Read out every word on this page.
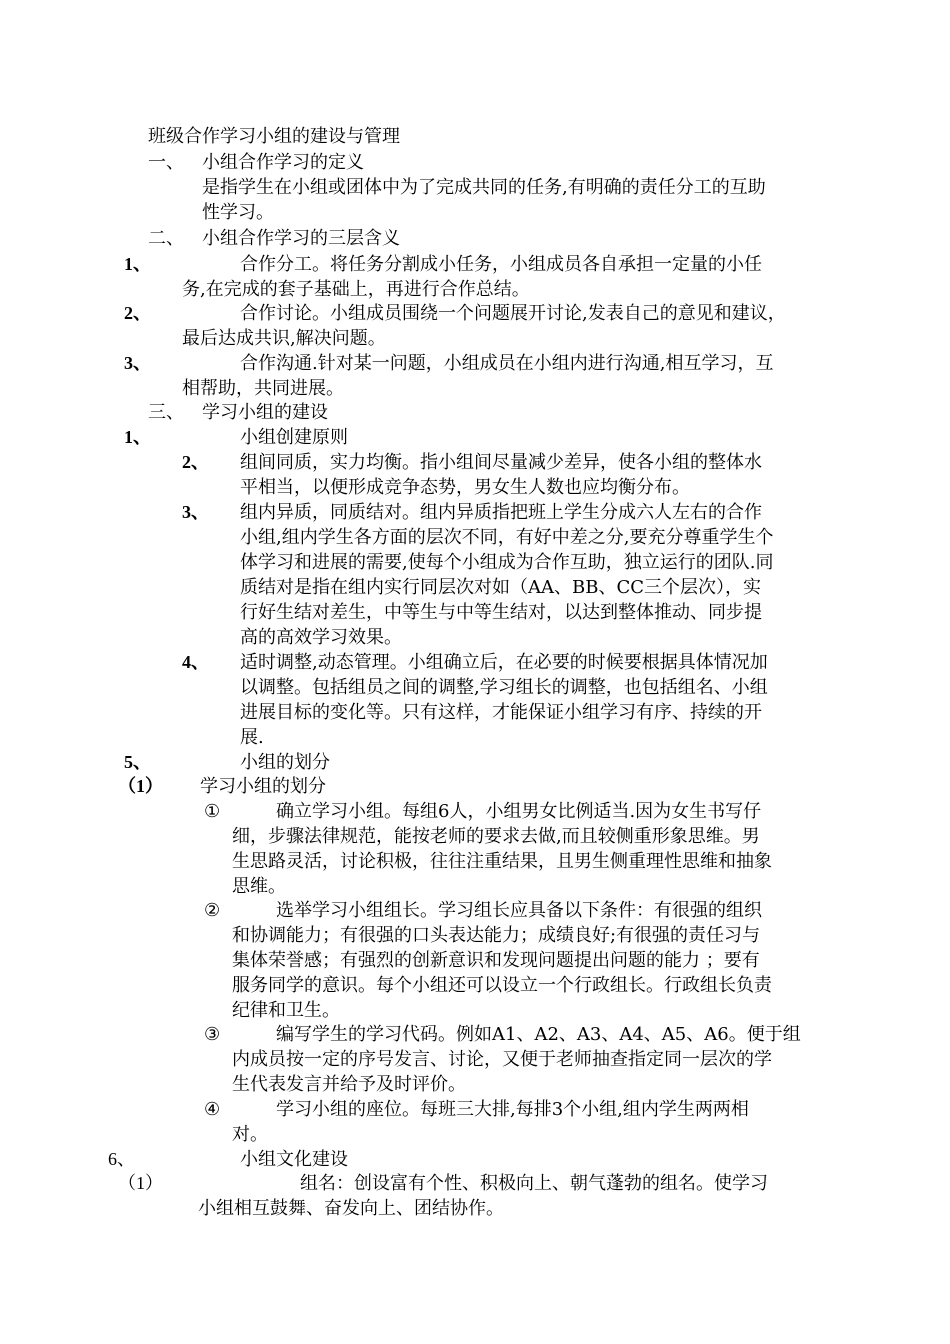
班级合作学习小组的建设与管理
一、 小组合作学习的定义
是指学生在小组或团体中为了完成共同的任务,有明确的责任分工的互助
性学习。
二、 小组合作学习的三层含义
1、	合作分工。将任务分割成小任务，小组成员各自承担一定量的小任
务,在完成的套子基础上，再进行合作总结。
2、	合作讨论。小组成员围绕一个问题展开讨论,发表自己的意见和建议，
最后达成共识,解决问题。
3、	合作沟通.针对某一问题，小组成员在小组内进行沟通,相互学习，互
相帮助，共同进展。
三、 学习小组的建设
1、	小组创建原则
2、 组间同质，实力均衡。指小组间尽量减少差异，使各小组的整体水
平相当，以便形成竞争态势，男女生人数也应均衡分布。
3、 组内异质，同质结对。组内异质指把班上学生分成六人左右的合作
小组,组内学生各方面的层次不同，有好中差之分,要充分尊重学生个
体学习和进展的需要,使每个小组成为合作互助，独立运行的团队.同
质结对是指在组内实行同层次对如（AA、BB、CC三个层次），实
行好生结对差生，中等生与中等生结对，以达到整体推动、同步提
高的高效学习效果。
4、 适时调整,动态管理。小组确立后，在必要的时候要根据具体情况加
以调整。包括组员之间的调整,学习组长的调整，也包括组名、小组
进展目标的变化等。只有这样，才能保证小组学习有序、持续的开
展.
5、	小组的划分
（1） 学习小组的划分
①	确立学习小组。每组6人，小组男女比例适当.因为女生书写仔
细，步骤法律规范，能按老师的要求去做,而且较侧重形象思维。男
生思路灵活，讨论积极，往往注重结果，且男生侧重理性思维和抽象
思维。
②	选举学习小组组长。学习组长应具备以下条件：有很强的组织
和协调能力；有很强的口头表达能力；成绩良好;有很强的责任习与
集体荣誉感；有强烈的创新意识和发现问题提出问题的能力 ；要有
服务同学的意识。每个小组还可以设立一个行政组长。行政组长负责
纪律和卫生。
③	编写学生的学习代码。例如A1、A2、A3、A4、A5、A6。便于组
内成员按一定的序号发言、讨论，又便于老师抽查指定同一层次的学
生代表发言并给予及时评价。
④	学习小组的座位。每班三大排,每排3个小组,组内学生两两相
对。
6、	小组文化建设
（1）	组名：创设富有个性、积极向上、朝气蓬勃的组名。使学习
小组相互鼓舞、奋发向上、团结协作。
